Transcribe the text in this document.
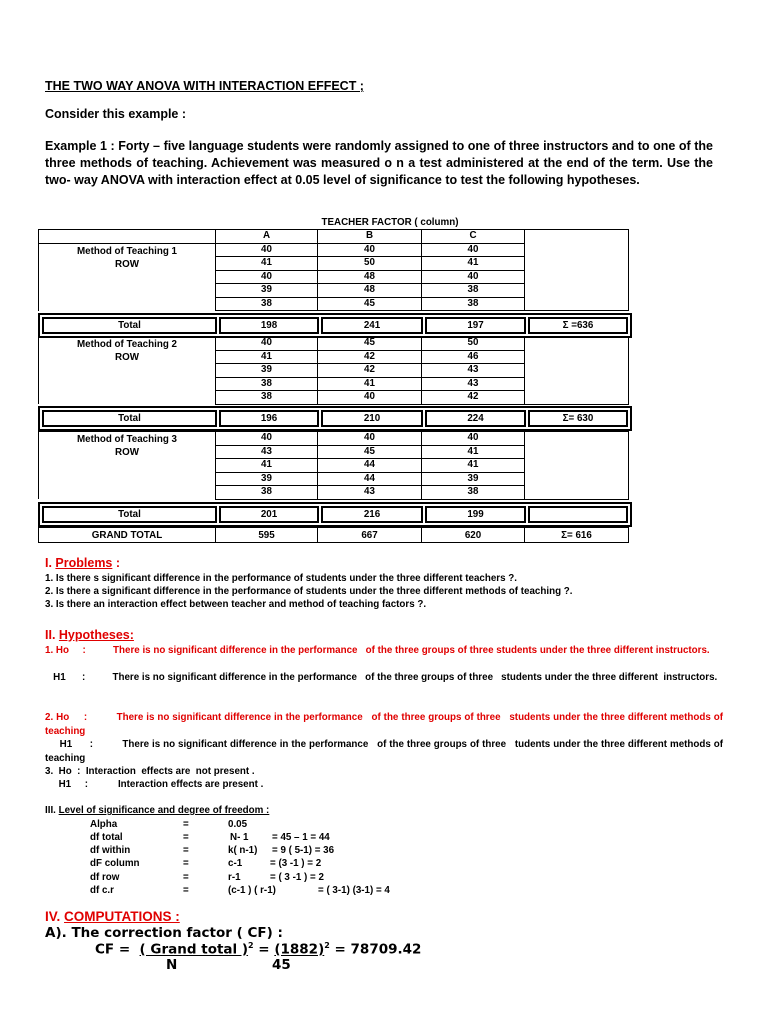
THE TWO WAY ANOVA WITH INTERACTION EFFECT ;
Consider this example :
Example 1 : Forty – five language students were randomly assigned to one of three instructors and to one of the three methods of teaching. Achievement was measured o n a test administered at the end of the term. Use the two- way ANOVA with interaction effect at 0.05 level of significance to test the following hypotheses.
TEACHER FACTOR ( column)
	A	B	C	

Method of Teaching 1
ROW	40	40	40	
	41	50	41	
	40	48	40	
	39	48	38	
	38	45	38	
Total	198	241	197	Σ =636
Method of Teaching 2
ROW	40	45	50	
	41	42	46	
	39	42	43	
	38	41	43	
	38	40	42	
Total	196	210	224	Σ= 630
Method of Teaching 3
ROW	40	40	40	
	43	45	41	
	41	44	41	
	39	44	39	
	38	43	38	
Total	201	216	199	
GRAND TOTAL	595	667	620	Σ= 616
I. Problems :
1. Is there s significant difference in the performance of students under the three different teachers ?.
2. Is there a significant difference in the performance of students under the three different methods of teaching ?.
3. Is there an interaction effect between teacher and method of teaching factors ?.
II. Hypotheses:
1. Ho     :          There is no significant difference in the performance   of the three groups of three students under the three different instructors.
H1      :          There is no significant difference in the performance   of the three groups of three   students under the three different  instructors.
2. Ho     :          There is no significant difference in the performance   of the three groups of three   students under the three different methods of teaching
H1      :          There is no significant difference in the performance   of the three groups of three   tudents under the three different methods of teaching
3.  Ho  :  Interaction  effects are  not present .
H1     :           Interaction effects are present .
III. Level of significance and degree of freedom :
Alpha	=	0.05
df total	=	N- 1 = 45 – 1 = 44
df within	=	k( n-1) = 9 ( 5-1) = 36
dF column	=	c-1	= (3 -1 ) = 2
df row	=	r-1	= ( 3 -1 ) = 2
df c.r	=	(c-1 ) ( r-1)	= ( 3-1) (3-1) = 4
IV. COMPUTATIONS :
A). The correction factor ( CF) :
CF =  ( Grand total )$^2 = (1882)^2 = 78709.42$
N	45
